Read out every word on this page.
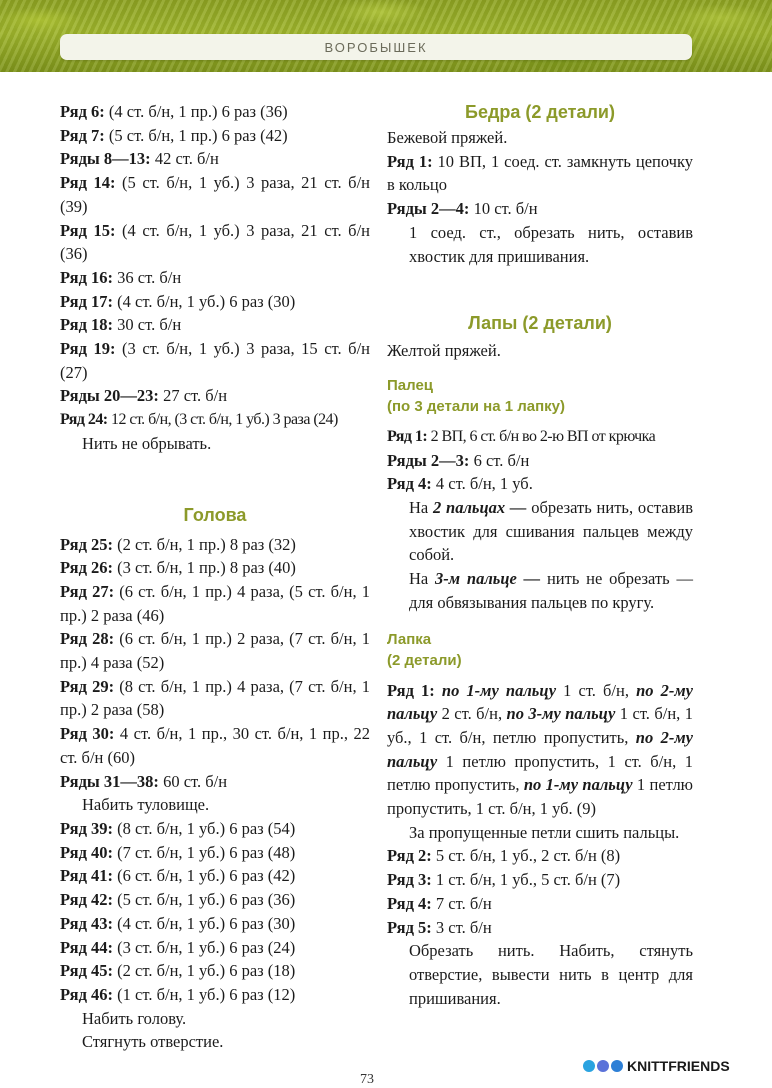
ВОРОБЫШЕК
Ряд 6: (4 ст. б/н, 1 пр.) 6 раз (36)
Ряд 7: (5 ст. б/н, 1 пр.) 6 раз (42)
Ряды 8—13: 42 ст. б/н
Ряд 14: (5 ст. б/н, 1 уб.) 3 раза, 21 ст. б/н (39)
Ряд 15: (4 ст. б/н, 1 уб.) 3 раза, 21 ст. б/н (36)
Ряд 16: 36 ст. б/н
Ряд 17: (4 ст. б/н, 1 уб.) 6 раз (30)
Ряд 18: 30 ст. б/н
Ряд 19: (3 ст. б/н, 1 уб.) 3 раза, 15 ст. б/н (27)
Ряды 20—23: 27 ст. б/н
Ряд 24: 12 ст. б/н, (3 ст. б/н, 1 уб.) 3 раза (24)
Нить не обрывать.
Голова
Ряд 25: (2 ст. б/н, 1 пр.) 8 раз (32)
Ряд 26: (3 ст. б/н, 1 пр.) 8 раз (40)
Ряд 27: (6 ст. б/н, 1 пр.) 4 раза, (5 ст. б/н, 1 пр.) 2 раза (46)
Ряд 28: (6 ст. б/н, 1 пр.) 2 раза, (7 ст. б/н, 1 пр.) 4 раза (52)
Ряд 29: (8 ст. б/н, 1 пр.) 4 раза, (7 ст. б/н, 1 пр.) 2 раза (58)
Ряд 30: 4 ст. б/н, 1 пр., 30 ст. б/н, 1 пр., 22 ст. б/н (60)
Ряды 31—38: 60 ст. б/н
Набить туловище.
Ряд 39: (8 ст. б/н, 1 уб.) 6 раз (54)
Ряд 40: (7 ст. б/н, 1 уб.) 6 раз (48)
Ряд 41: (6 ст. б/н, 1 уб.) 6 раз (42)
Ряд 42: (5 ст. б/н, 1 уб.) 6 раз (36)
Ряд 43: (4 ст. б/н, 1 уб.) 6 раз (30)
Ряд 44: (3 ст. б/н, 1 уб.) 6 раз (24)
Ряд 45: (2 ст. б/н, 1 уб.) 6 раз (18)
Ряд 46: (1 ст. б/н, 1 уб.) 6 раз (12)
Набить голову.
Стягнуть отверстие.
Бедра (2 детали)
Бежевой пряжей.
Ряд 1: 10 ВП, 1 соед. ст. замкнуть цепочку в кольцо
Ряды 2—4: 10 ст. б/н
1 соед. ст., обрезать нить, оставив хвостик для пришивания.
Лапы (2 детали)
Желтой пряжей.
Палец
(по 3 детали на 1 лапку)
Ряд 1: 2 ВП, 6 ст. б/н во 2-ю ВП от крючка
Ряды 2—3: 6 ст. б/н
Ряд 4: 4 ст. б/н, 1 уб.
На 2 пальцах — обрезать нить, оставив хвостик для сшивания пальцев между собой.
На 3-м пальце — нить не обрезать — для обвязывания пальцев по кругу.
Лапка
(2 детали)
Ряд 1: по 1-му пальцу 1 ст. б/н, по 2-му пальцу 2 ст. б/н, по 3-му пальцу 1 ст. б/н, 1 уб., 1 ст. б/н, петлю пропустить, по 2-му пальцу 1 петлю пропустить, 1 ст. б/н, 1 петлю пропустить, по 1-му пальцу 1 петлю пропустить, 1 ст. б/н, 1 уб. (9)
За пропущенные петли сшить пальцы.
Ряд 2: 5 ст. б/н, 1 уб., 2 ст. б/н (8)
Ряд 3: 1 ст. б/н, 1 уб., 5 ст. б/н (7)
Ряд 4: 7 ст. б/н
Ряд 5: 3 ст. б/н
Обрезать нить. Набить, стянуть отверстие, вывести нить в центр для пришивания.
KNITTFRIENDS
73
